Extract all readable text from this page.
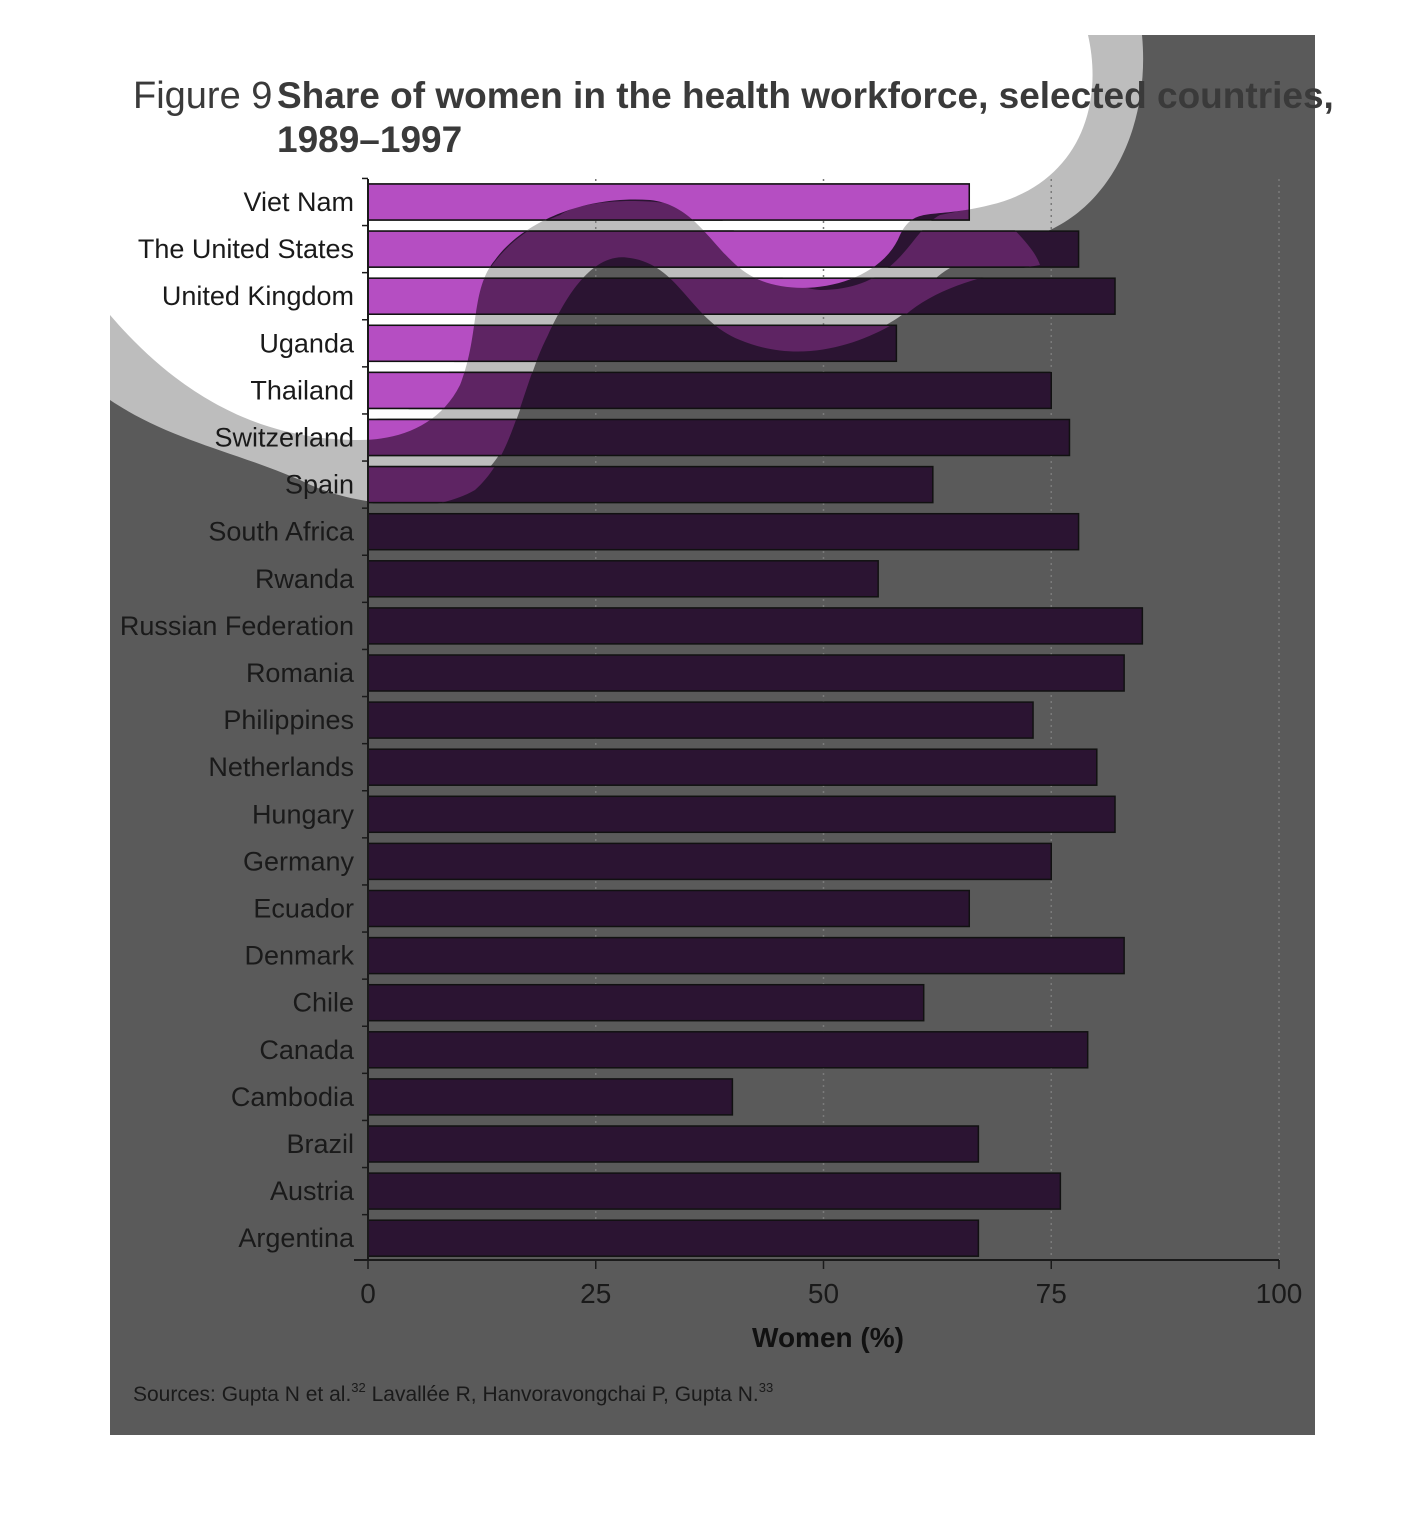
Figure 9 Share of women in the health workforce, selected countries,
1989–1997
Viet Nam
The United States
United Kingdom
Uganda
Thailand
Switzerland
Spain
South Africa
Rwanda
Russian Federation
Romania
Philippines
Netherlands
Hungary
Germany
Ecuador
Denmark
Chile
Canada
Cambodia
Brazil
Austria
Argentina
0	25	50	75	100
Women (%)
Sources: Gupta N et al.$^{32}$ Lavallée R, Hanvoravongchai P, Gupta N.$^{33}$
